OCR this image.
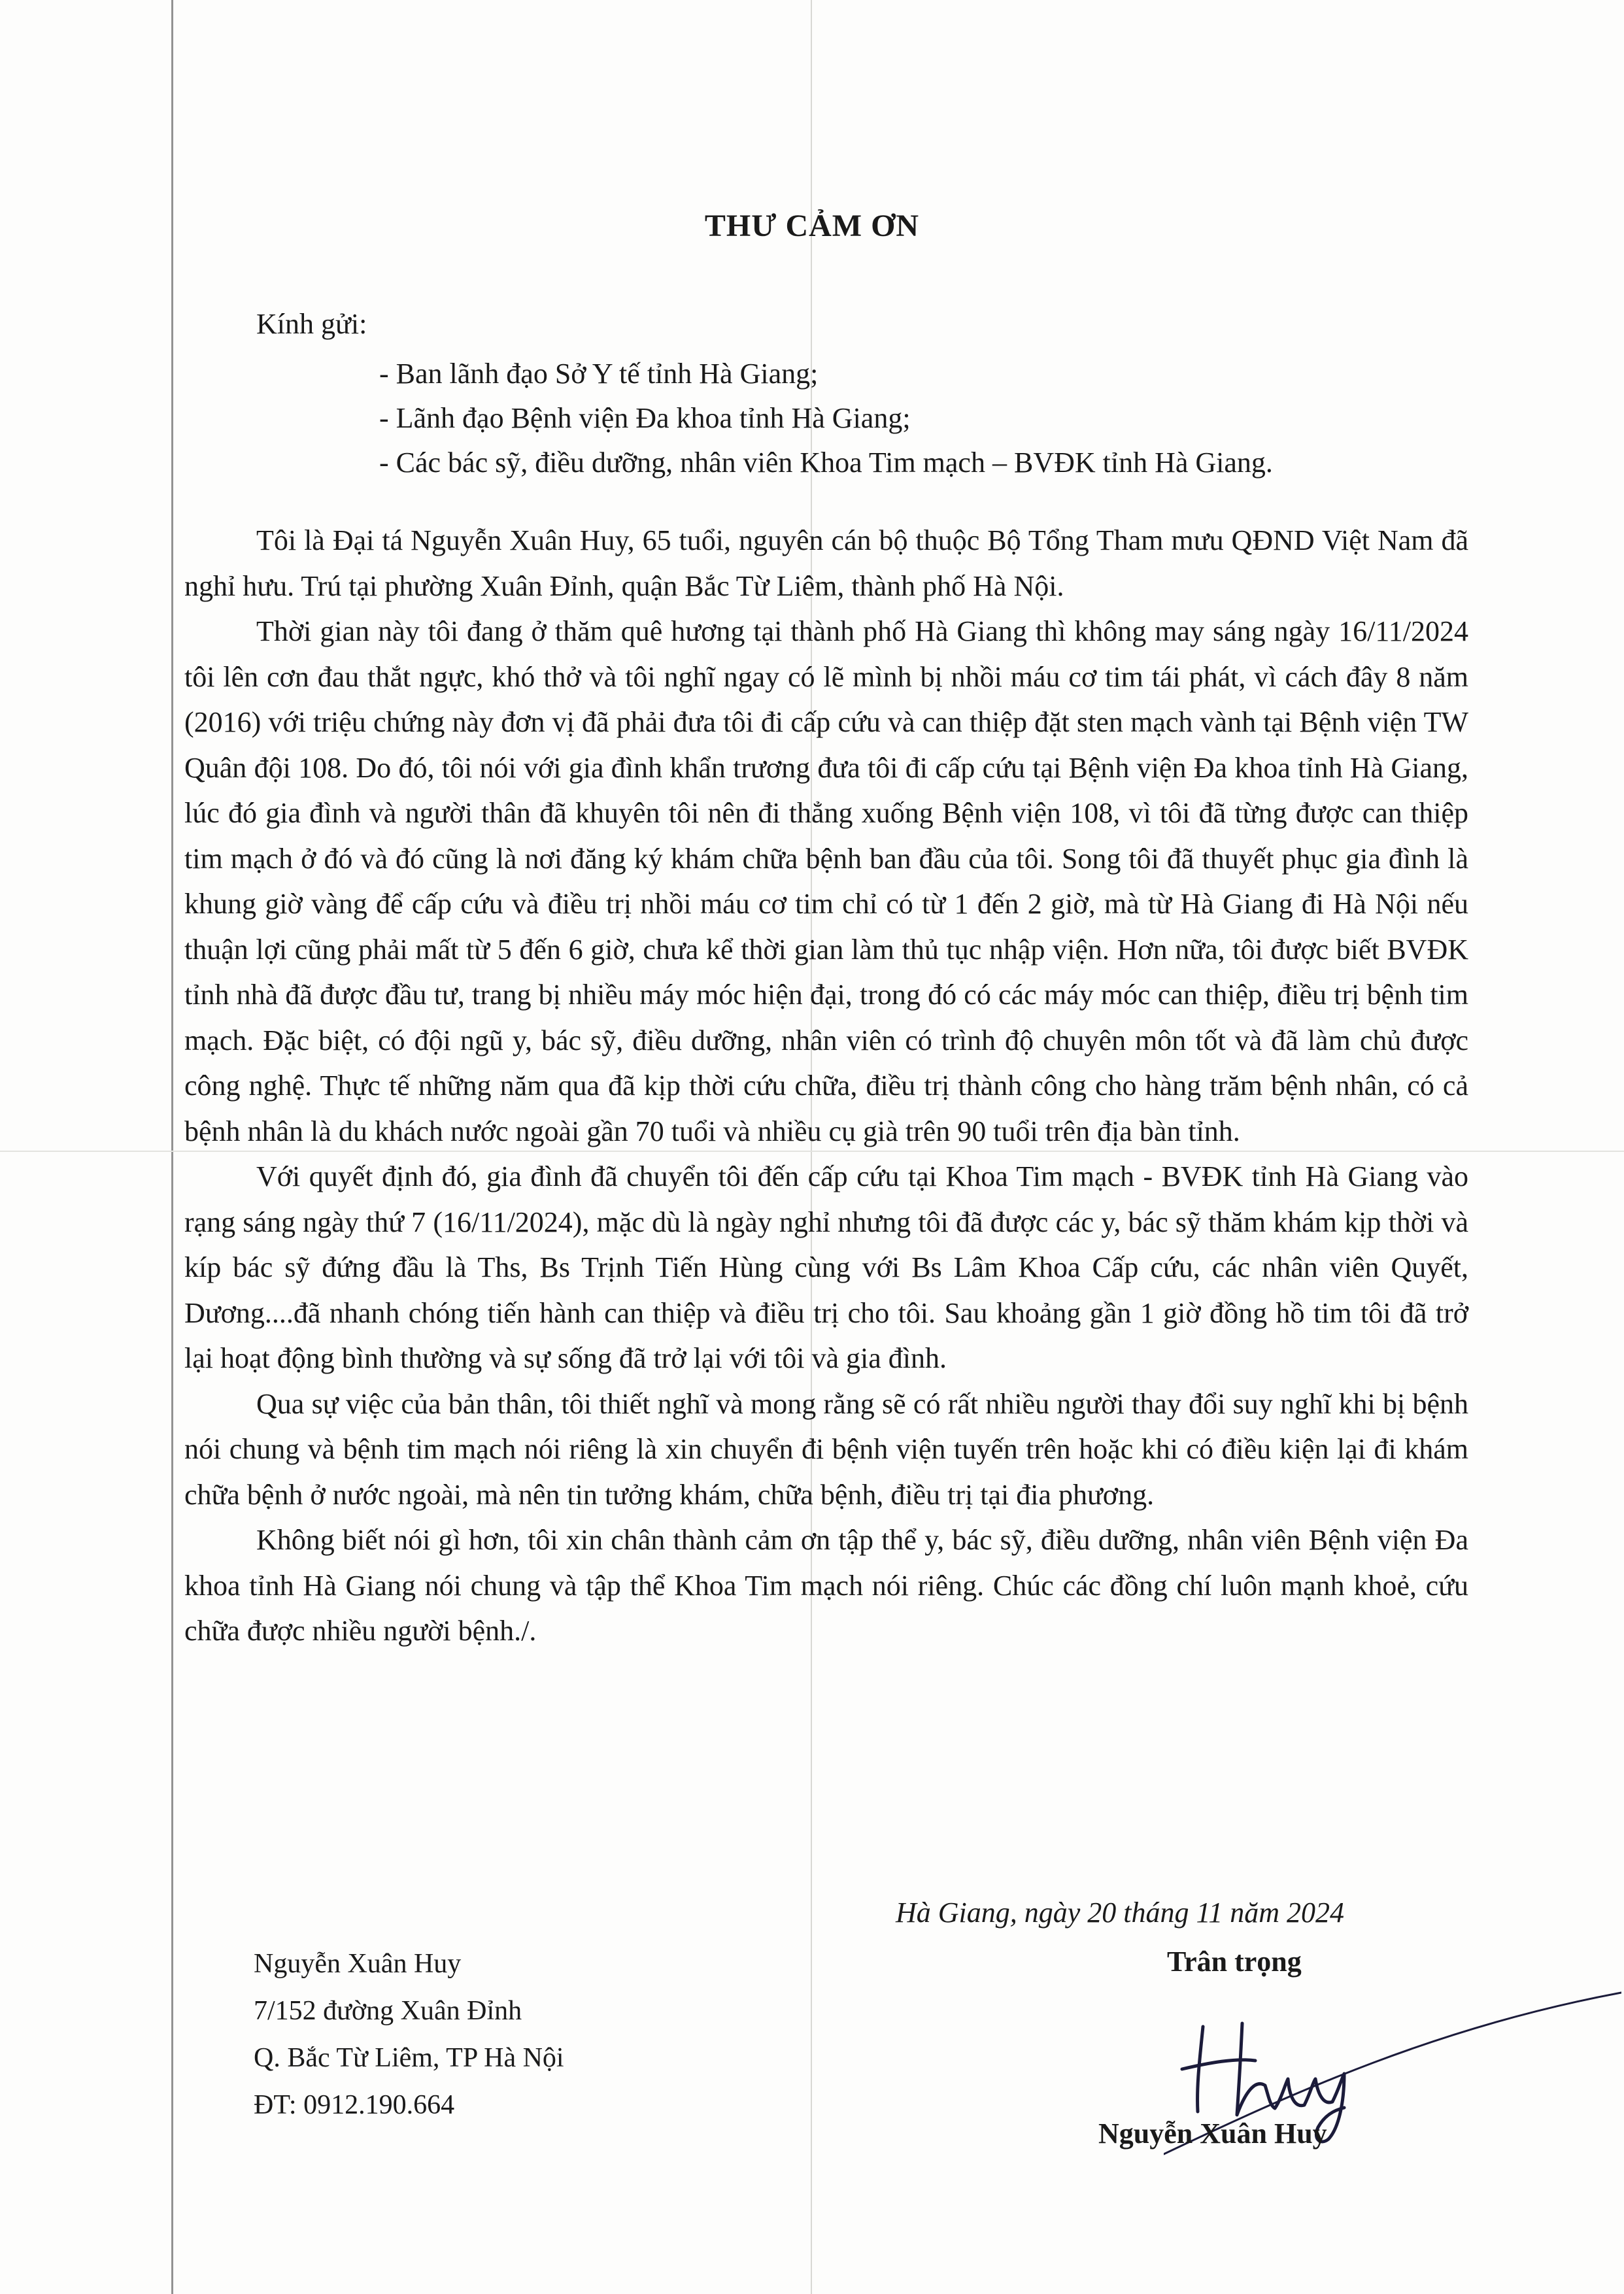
THƯ CẢM ƠN
Kính gửi:
- Ban lãnh đạo Sở Y tế tỉnh Hà Giang;
- Lãnh đạo Bệnh viện Đa khoa tỉnh Hà Giang;
- Các bác sỹ, điều dưỡng, nhân viên Khoa Tim mạch – BVĐK tỉnh Hà Giang.

Tôi là Đại tá Nguyễn Xuân Huy, 65 tuổi, nguyên cán bộ thuộc Bộ Tổng Tham mưu QĐND Việt Nam đã nghỉ hưu. Trú tại phường Xuân Đỉnh, quận Bắc Từ Liêm, thành phố Hà Nội.

Thời gian này tôi đang ở thăm quê hương tại thành phố Hà Giang thì không may sáng ngày 16/11/2024 tôi lên cơn đau thắt ngực, khó thở và tôi nghĩ ngay có lẽ mình bị nhồi máu cơ tim tái phát, vì cách đây 8 năm (2016) với triệu chứng này đơn vị đã phải đưa tôi đi cấp cứu và can thiệp đặt sten mạch vành tại Bệnh viện TW Quân đội 108. Do đó, tôi nói với gia đình khẩn trương đưa tôi đi cấp cứu tại Bệnh viện Đa khoa tỉnh Hà Giang, lúc đó gia đình và người thân đã khuyên tôi nên đi thẳng xuống Bệnh viện 108, vì tôi đã từng được can thiệp tim mạch ở đó và đó cũng là nơi đăng ký khám chữa bệnh ban đầu của tôi. Song tôi đã thuyết phục gia đình là khung giờ vàng để cấp cứu và điều trị nhồi máu cơ tim chỉ có từ 1 đến 2 giờ, mà từ Hà Giang đi Hà Nội nếu thuận lợi cũng phải mất từ 5 đến 6 giờ, chưa kể thời gian làm thủ tục nhập viện. Hơn nữa, tôi được biết BVĐK tỉnh nhà đã được đầu tư, trang bị nhiều máy móc hiện đại, trong đó có các máy móc can thiệp, điều trị bệnh tim mạch. Đặc biệt, có đội ngũ y, bác sỹ, điều dưỡng, nhân viên có trình độ chuyên môn tốt và đã làm chủ được công nghệ. Thực tế những năm qua đã kịp thời cứu chữa, điều trị thành công cho hàng trăm bệnh nhân, có cả bệnh nhân là du khách nước ngoài gần 70 tuổi và nhiều cụ già trên 90 tuổi trên địa bàn tỉnh.

Với quyết định đó, gia đình đã chuyển tôi đến cấp cứu tại Khoa Tim mạch - BVĐK tỉnh Hà Giang vào rạng sáng ngày thứ 7 (16/11/2024), mặc dù là ngày nghỉ nhưng tôi đã được các y, bác sỹ thăm khám kịp thời và kíp bác sỹ đứng đầu là Ths, Bs Trịnh Tiến Hùng cùng với Bs Lâm Khoa Cấp cứu, các nhân viên Quyết, Dương....đã nhanh chóng tiến hành can thiệp và điều trị cho tôi. Sau khoảng gần 1 giờ đồng hồ tim tôi đã trở lại hoạt động bình thường và sự sống đã trở lại với tôi và gia đình.

Qua sự việc của bản thân, tôi thiết nghĩ và mong rằng sẽ có rất nhiều người thay đổi suy nghĩ khi bị bệnh nói chung và bệnh tim mạch nói riêng là xin chuyển đi bệnh viện tuyến trên hoặc khi có điều kiện lại đi khám chữa bệnh ở nước ngoài, mà nên tin tưởng khám, chữa bệnh, điều trị tại đia phương.

Không biết nói gì hơn, tôi xin chân thành cảm ơn tập thể y, bác sỹ, điều dưỡng, nhân viên Bệnh viện Đa khoa tỉnh Hà Giang nói chung và tập thể Khoa Tim mạch nói riêng. Chúc các đồng chí luôn mạnh khoẻ, cứu chữa được nhiều người bệnh./.

Hà Giang, ngày 20 tháng 11 năm 2024
Trân trọng
Nguyễn Xuân Huy
7/152 đường Xuân Đỉnh
Q. Bắc Từ Liêm, TP Hà Nội
ĐT: 0912.190.664
Nguyễn Xuân Huy
